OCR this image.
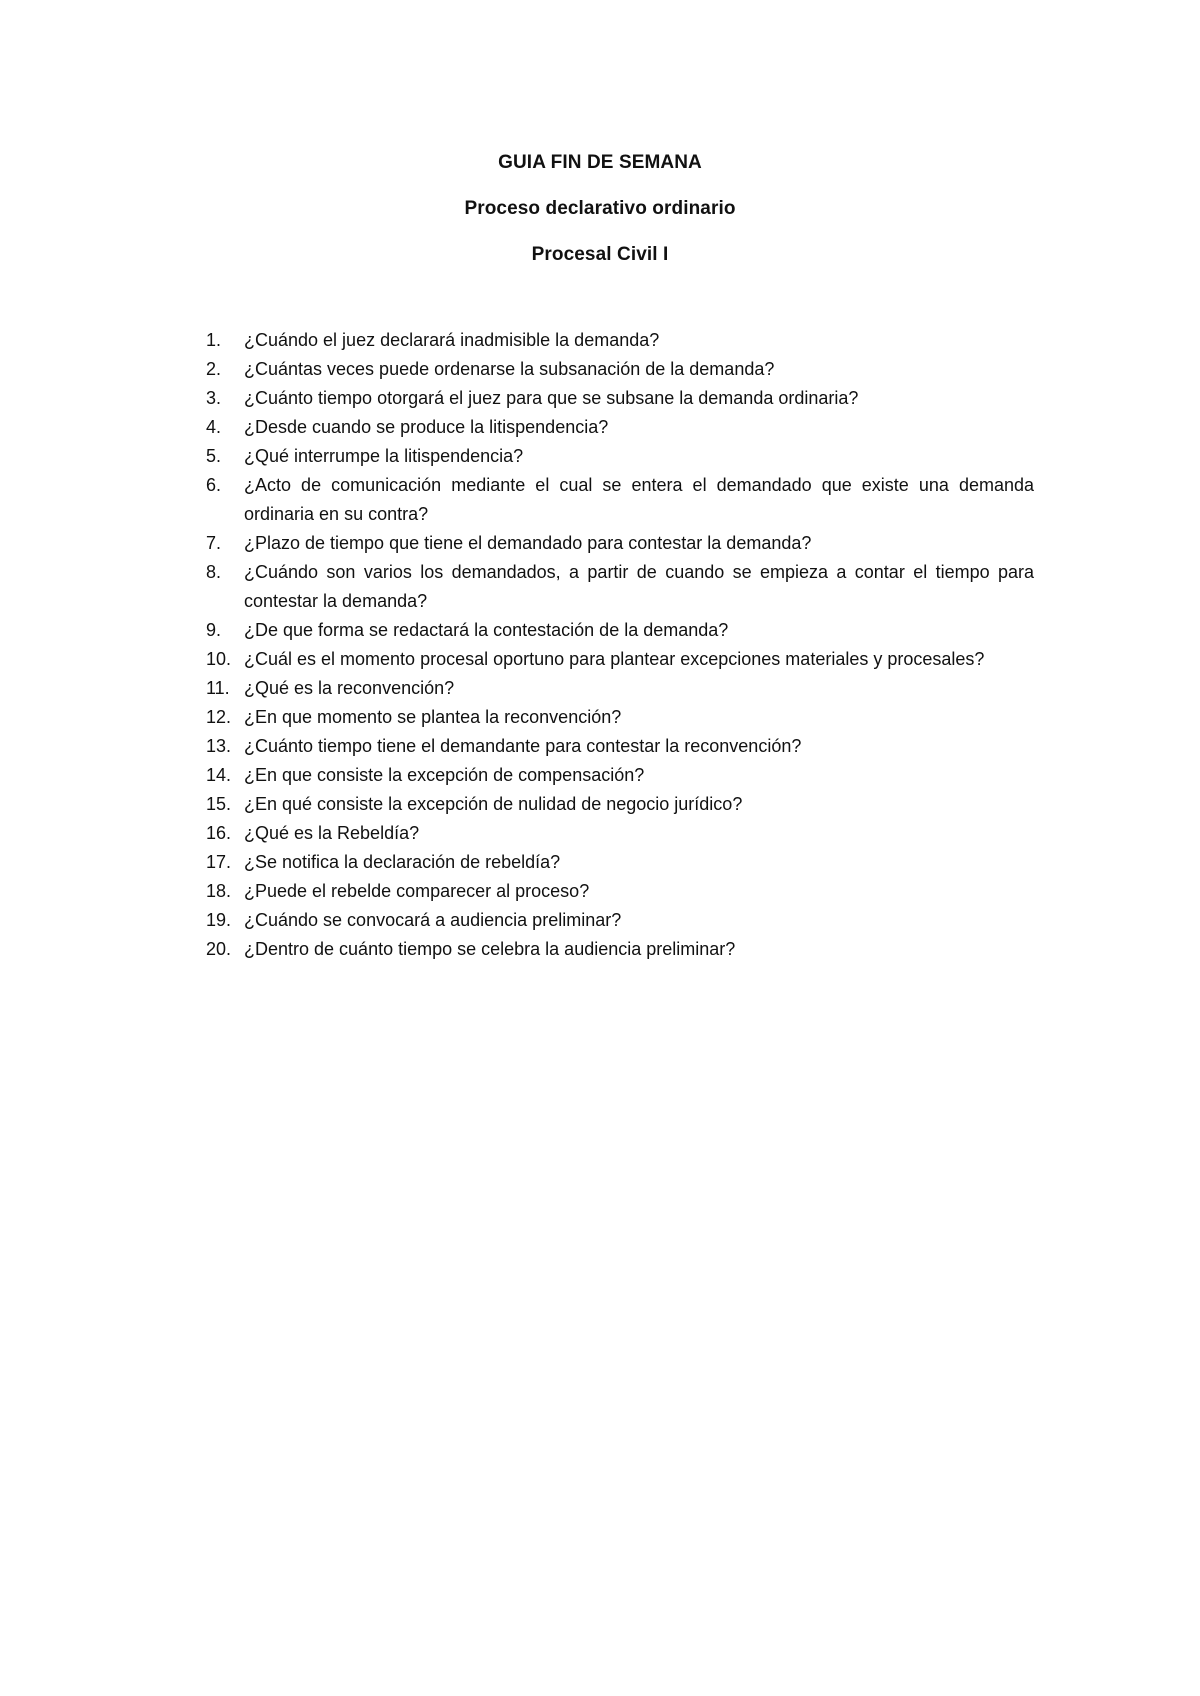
GUIA FIN DE SEMANA
Proceso declarativo ordinario
Procesal Civil I
1.	¿Cuándo el juez declarará inadmisible la demanda?
2.	¿Cuántas veces puede ordenarse la subsanación de la demanda?
3.	¿Cuánto tiempo otorgará el juez para que se subsane la demanda ordinaria?
4.	¿Desde cuando se produce la litispendencia?
5.	¿Qué interrumpe la litispendencia?
6.	¿Acto de comunicación mediante el cual se entera el demandado que existe una demanda ordinaria en su contra?
7.	¿Plazo de tiempo que tiene el demandado para contestar la demanda?
8.	¿Cuándo son varios los demandados, a partir de cuando se empieza a contar el tiempo para contestar la demanda?
9.	¿De que forma se redactará la contestación de la demanda?
10. ¿Cuál es el momento procesal oportuno para plantear excepciones materiales y procesales?
11. ¿Qué es la reconvención?
12. ¿En que momento se plantea la reconvención?
13. ¿Cuánto tiempo tiene el demandante para contestar la reconvención?
14. ¿En que consiste la excepción de compensación?
15. ¿En qué consiste la excepción de nulidad de negocio jurídico?
16. ¿Qué es la Rebeldía?
17. ¿Se notifica la declaración de rebeldía?
18. ¿Puede el rebelde comparecer al proceso?
19. ¿Cuándo se convocará a audiencia preliminar?
20. ¿Dentro de cuánto tiempo se celebra la audiencia preliminar?
